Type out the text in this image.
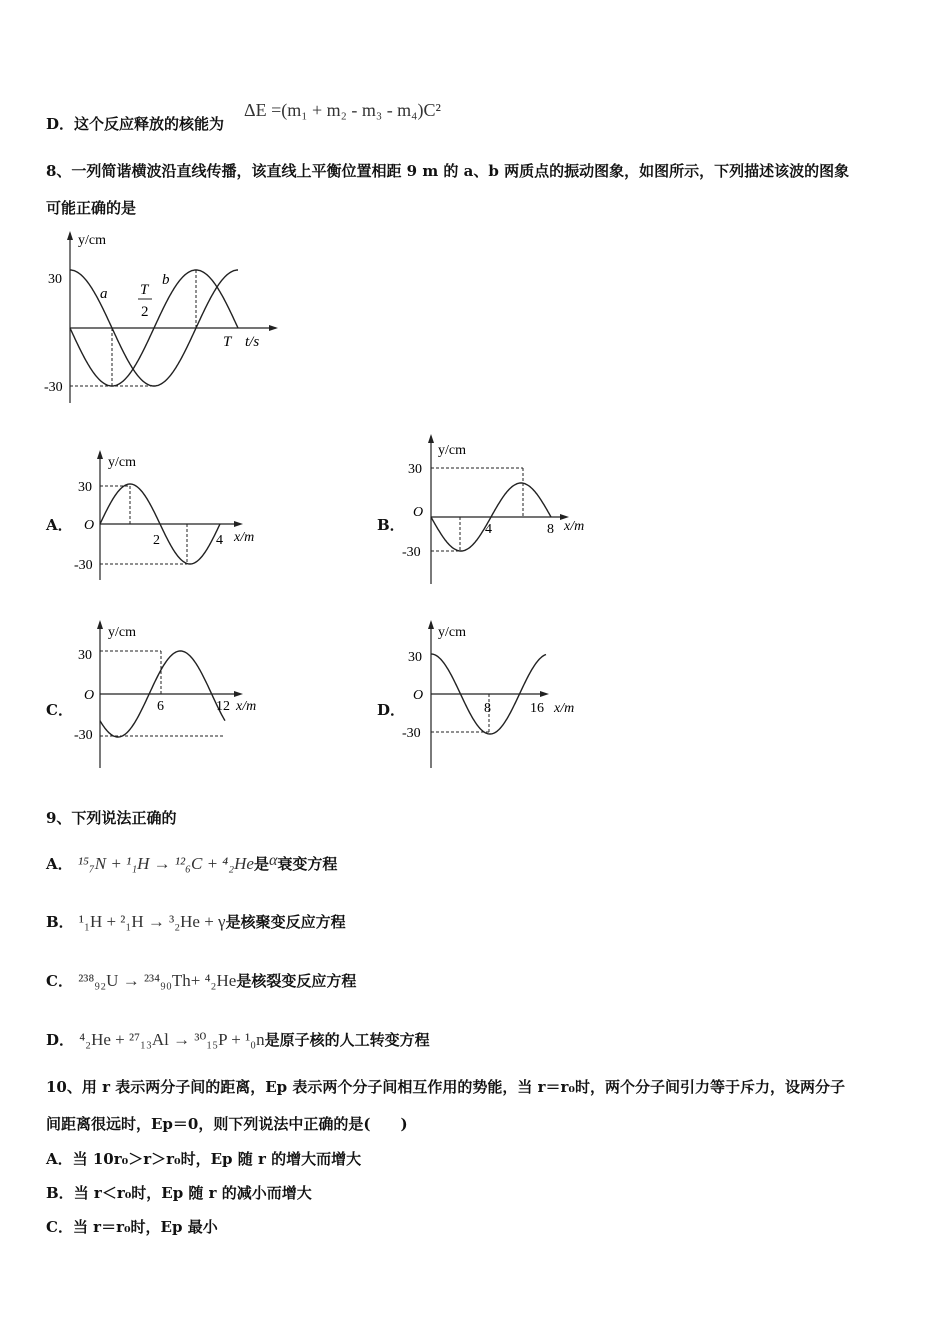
D．这个反应释放的核能为
ΔE =(m₁ + m₂ - m₃ - m₄)C²
8、一列简谐横波沿直线传播，该直线上平衡位置相距 9 m 的 a、b 两质点的振动图象，如图所示，下列描述该波的图象
可能正确的是
y/cm
30
-30
a
b
T
2
T t/s
A．
y/cm
30
O
-30
2	4 x/m
B．
y/cm
30
O
-30
4	8 x/m
C．
y/cm
30
O
-30
6	12 x/m	D．
y/cm
30
O
-30
8	16 x/m
9、下列说法正确的
A． ¹⁵₇N + ¹₁H → ¹²₆C + ⁴₂He是α衰变方程
B． ¹₁H + ²₁H → ³₂He + γ是核聚变反应方程
C． ²³⁸₉₂U → ²³⁴₉₀Th+ ⁴₂He是核裂变反应方程
D． ⁴₂He + ²⁷₁₃Al → ³⁰₁₅P + ¹₀n是原子核的人工转变方程
10、用 r 表示两分子间的距离，Ep 表示两个分子间相互作用的势能，当 r＝r₀时，两个分子间引力等于斥力，设两分子
间距离很远时，Ep＝0，则下列说法中正确的是(　　)
A．当 10r₀＞r＞r₀时，Ep 随 r 的增大而增大
B．当 r＜r₀时，Ep 随 r 的减小而增大
C．当 r＝r₀时，Ep 最小
